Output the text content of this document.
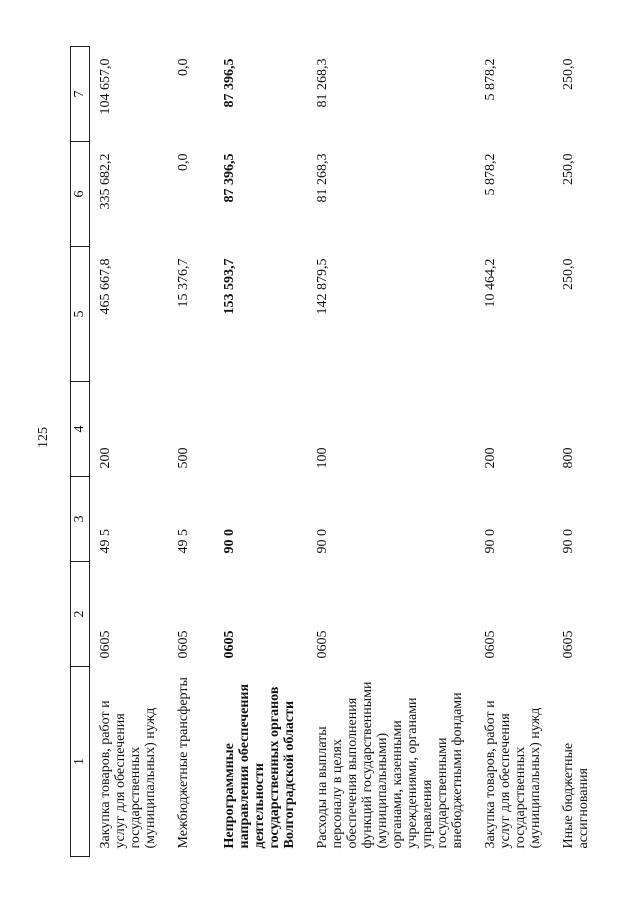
125
1	2	3	4	5	6	7
Закупка товаров, работ и услуг для обеспечения государственных (муниципальных) нужд	0605	49 5	200	465 667,8	335 682,2	104 657,0
Межбюджетные трансферты	0605	49 5	500	15 376,7	0,0	0,0
Непрограммные направления обеспечения деятельности государственных органов Волгоградской области	0605	90 0		153 593,7	87 396,5	87 396,5
Расходы на выплаты персоналу в целях обеспечения выполнения функций государственными (муниципальными) органами, казенными учреждениями, органами управления государственными внебюджетными фондами	0605	90 0	100	142 879,5	81 268,3	81 268,3
Закупка товаров, работ и услуг для обеспечения государственных (муниципальных) нужд	0605	90 0	200	10 464,2	5 878,2	5 878,2
Иные бюджетные ассигнования	0605	90 0	800	250,0	250,0	250,0
